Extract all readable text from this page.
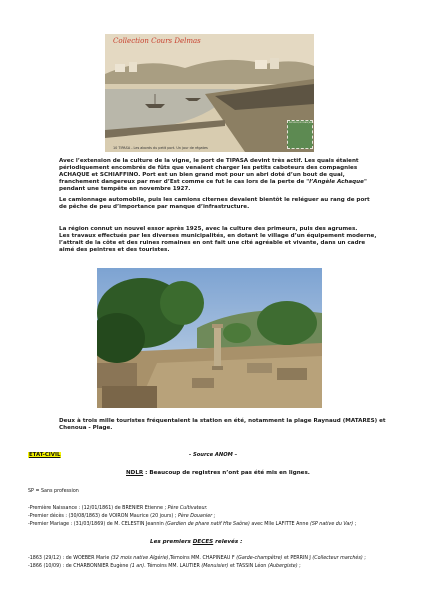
Collection Cours Delmas
10 TIPASA - Les abords du petit port. Un jour de régates
REPUBLIQUE FRANÇAISE

Avec l’extension de la culture de la vigne, le port de TIPASA devint très actif. Les quais étaient périodiquement encombrés de fûts que venaient charger les petits caboteurs des compagnies ACHAQUE et SCHIAFFINO. Port est un bien grand mot pour un abri doté d’un bout de quai, franchement dangereux par mer d’Est comme ce fut le cas lors de la perte de "l’Angèle Achaque" pendant une tempête en novembre 1927.

Le camionnage automobile, puis les camions citernes devaient bientôt le reléguer au rang de port de pêche de peu d’importance par manque d’infrastructure.

La région connut un nouvel essor après 1925, avec la culture des primeurs, puis des agrumes.

Les travaux effectués par les diverses municipalités, en dotant le village d’un équipement moderne, l’attrait de la côte et des ruines romaines en ont fait une cité agréable et vivante, dans un cadre aimé des peintres et des touristes.

Deux à trois mille touristes fréquentaient la station en été, notamment la plage Raynaud (MATARES) et Chenoua - Plage.

ETAT-CIVIL	- Source ANOM –
NDLR : Beaucoup de registres n’ont pas été mis en lignes.
SP = Sans profession
-Première Naissance : (12/01/1861) de BRENIER Etienne ; Père Cultivateur.
-Premier décès : (30/08/1863) de VOIRON Maurice (20 jours) ; Père Douanier ;
-Premier Mariage : (31/03/1869) de M. CELESTIN Jeannin (Gardien de phare natif Hte Saône) avec Mlle LAFITTE Anne (SP native du Var) ;
Les premiers DECES relevés :
-1863 (29/12) : de WOEBER Marie (32 mois native Algérie),Témoins MM. CHAPINEAU F (Garde-champêtre) et PERRIN J (Collecteur marchés) ;
-1866 (10/09) : de CHARBONNIER Eugène (1 an). Témoins MM. LAUTIER (Menuisier) et TASSIN Léon (Aubergiste) ;
